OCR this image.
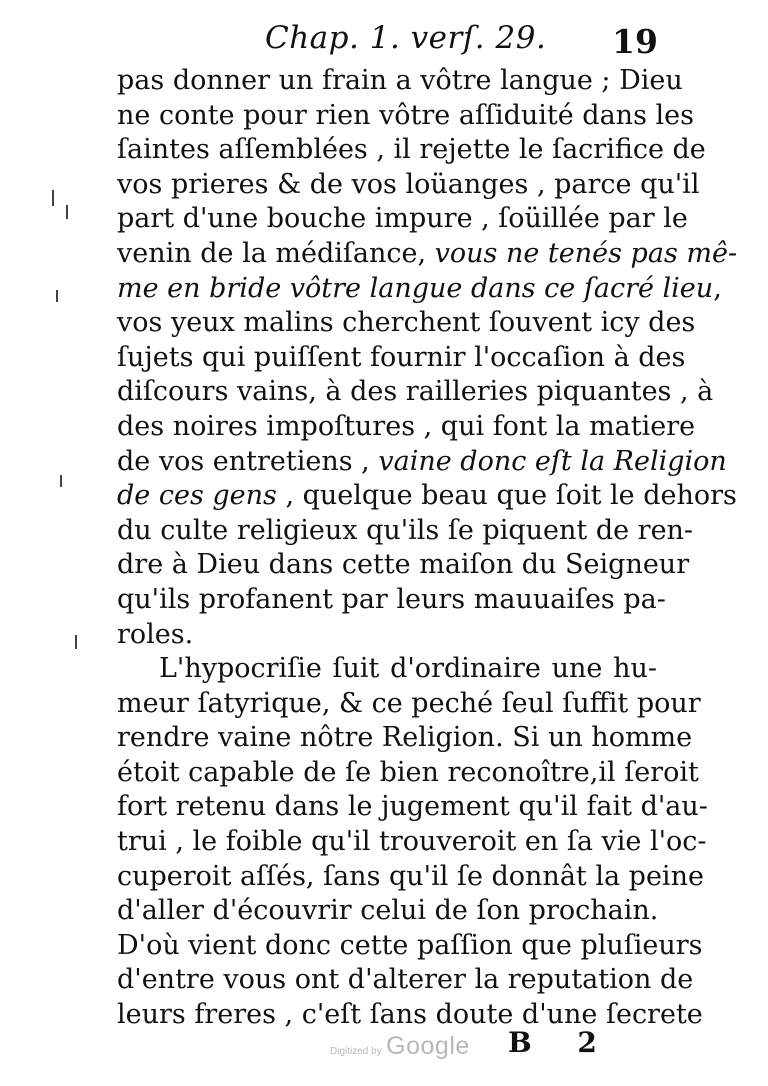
Chap. 1. verſ. 29. 19
pas donner un frain a vôtre langue ; Dieu
ne conte pour rien vôtre aſſiduité dans les
ſaintes aſſemblées , il rejette le ſacrifice de
vos prieres & de vos loüanges , parce qu'il
part d'une bouche impure , ſoüillée par le
venin de la médiſance, vous ne tenés pas mê-
me en bride vôtre langue dans ce ſacré lieu,
vos yeux malins cherchent ſouvent icy des
ſujets qui puiſſent fournir l'occaſion à des
diſcours vains, à des railleries piquantes , à
des noires impoſtures , qui font la matiere
de vos entretiens , vaine donc eſt la Religion
de ces gens , quelque beau que ſoit le dehors
du culte religieux qu'ils ſe piquent de ren-
dre à Dieu dans cette maiſon du Seigneur
qu'ils profanent par leurs mauuaiſes pa-
roles.
L'hypocriſie ſuit d'ordinaire une hu-
meur ſatyrique, & ce peché ſeul ſuffit pour
rendre vaine nôtre Religion. Si un homme
étoit capable de ſe bien reconoître,il ſeroit
fort retenu dans le jugement qu'il fait d'au-
trui , le foible qu'il trouveroit en ſa vie l'oc-
cuperoit aſſés, ſans qu'il ſe donnât la peine
d'aller d'écouvrir celui de ſon prochain.
D'où vient donc cette paſſion que pluſieurs
d'entre vous ont d'alterer la reputation de
leurs freres , c'eſt ſans doute d'une ſecrete
Digitized by Google B 2
